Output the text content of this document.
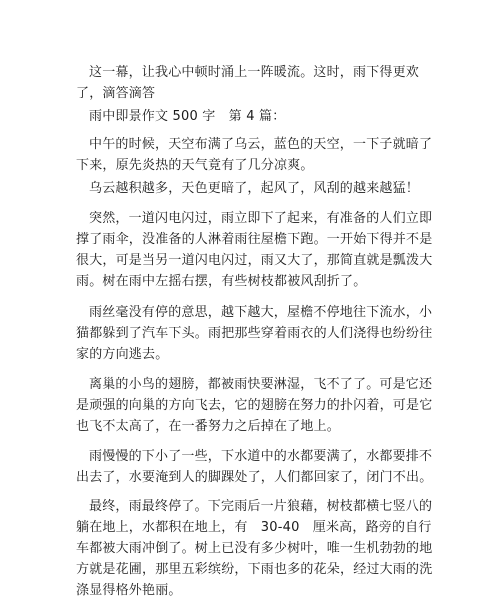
这一幕，让我心中顿时涌上一阵暖流。这时，雨下得更欢了，滴答滴答

雨中即景作文 500 字　第 4 篇：

中午的时候，天空布满了乌云，蓝色的天空，一下子就暗了下来，原先炎热的天气竟有了几分凉爽。

乌云越积越多，天色更暗了，起风了，风刮的越来越猛！

突然，一道闪电闪过，雨立即下了起来，有准备的人们立即撑了雨伞，没准备的人淋着雨往屋檐下跑。一开始下得并不是很大，可是当另一道闪电闪过，雨又大了，那简直就是瓢泼大雨。树在雨中左摇右摆，有些树枝都被风刮折了。

雨丝毫没有停的意思，越下越大，屋檐不停地往下流水，小猫都躲到了汽车下头。雨把那些穿着雨衣的人们浇得也纷纷往家的方向逃去。

离巢的小鸟的翅膀，都被雨快要淋湿，飞不了了。可是它还是顽强的向巢的方向飞去，它的翅膀在努力的扑闪着，可是它也飞不太高了，在一番努力之后掉在了地上。

雨慢慢的下小了一些，下水道中的水都要满了，水都要排不出去了，水要淹到人的脚踝处了，人们都回家了，闭门不出。

最终，雨最终停了。下完雨后一片狼藉，树枝都横七竖八的躺在地上，水都积在地上，有　30-40　厘米高，路旁的自行车都被大雨冲倒了。树上已没有多少树叶，唯一生机勃勃的地方就是花圃，那里五彩缤纷，下雨也多的花朵，经过大雨的洗涤显得格外艳丽。
